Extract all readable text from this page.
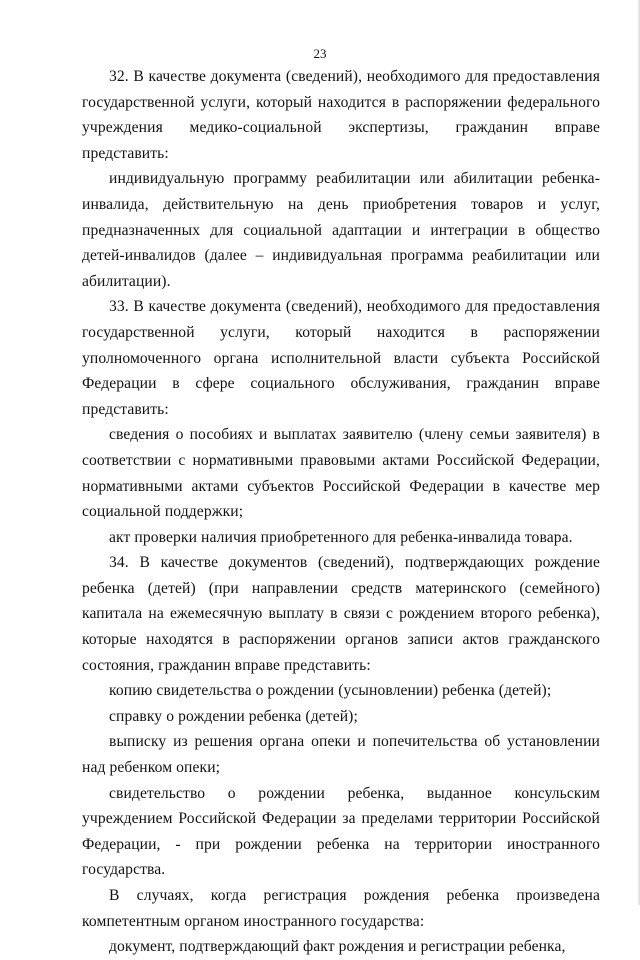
23

32. В качестве документа (сведений), необходимого для предоставления государственной услуги, который находится в распоряжении федерального учреждения медико-социальной экспертизы, гражданин вправе представить:

индивидуальную программу реабилитации или абилитации ребенка-инвалида, действительную на день приобретения товаров и услуг, предназначенных для социальной адаптации и интеграции в общество детей-инвалидов (далее – индивидуальная программа реабилитации или абилитации).

33. В качестве документа (сведений), необходимого для предоставления государственной услуги, который находится в распоряжении уполномоченного органа исполнительной власти субъекта Российской Федерации в сфере социального обслуживания, гражданин вправе представить:

сведения о пособиях и выплатах заявителю (члену семьи заявителя) в соответствии с нормативными правовыми актами Российской Федерации, нормативными актами субъектов Российской Федерации в качестве мер социальной поддержки;

акт проверки наличия приобретенного для ребенка-инвалида товара.

34. В качестве документов (сведений), подтверждающих рождение ребенка (детей) (при направлении средств материнского (семейного) капитала на ежемесячную выплату в связи с рождением второго ребенка), которые находятся в распоряжении органов записи актов гражданского состояния, гражданин вправе представить:

копию свидетельства о рождении (усыновлении) ребенка (детей);

справку о рождении ребенка (детей);

выписку из решения органа опеки и попечительства об установлении над ребенком опеки;

свидетельство о рождении ребенка, выданное консульским учреждением Российской Федерации за пределами территории Российской Федерации, - при рождении ребенка на территории иностранного государства.

В случаях, когда регистрация рождения ребенка произведена компетентным органом иностранного государства:

документ, подтверждающий факт рождения и регистрации ребенка,
